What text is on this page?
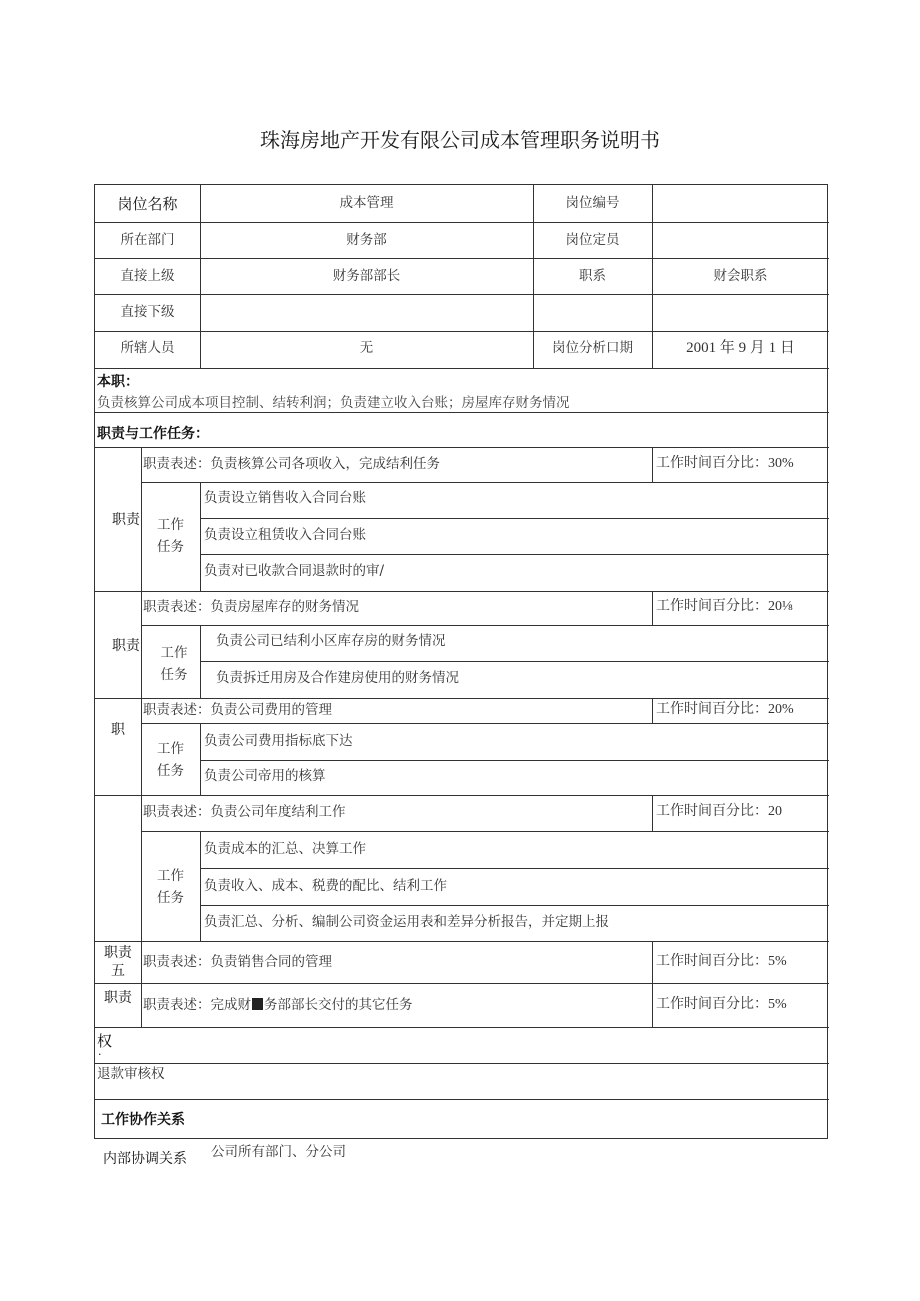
珠海房地产开发有限公司成本管理职务说明书
岗位名称	成本管理	岗位编号
所在部门	财务部	岗位定员
直接上级	财务部部长	职系	财会职系
直接下级
所辖人员	无	岗位分析口期	2001 年 9 月 1 日
本职：
负责核算公司成本项目控制、结转利润；负责建立收入台账；房屋库存财务情况
职责与工作任务：
职责
职责表述：负责核算公司各项收入，完成结利任务	工作时间百分比：30%
工作
任务
负责设立销售收入合同台账
负责设立租赁收入合同台账
负责对已收款合同退款时的审/
职责
职责表述：负责房屋库存的财务情况	工作时间百分比：20⅛
工作
任务
负责公司已结利小区库存房的财务情况
负责拆迁用房及合作建房使用的财务情况
职
职责表述：负责公司费用的管理	工作时间百分比：20%
工作
任务
负责公司费用指标底下达
负责公司帝用的核算
职责表述：负责公司年度结利工作	工作时间百分比：20
工作
任务
负责成本的汇总、决算工作
负责收入、成本、税费的配比、结利工作
负责汇总、分析、编制公司资金运用表和差异分析报告，并定期上报
职责
五
职责表述：负责销售合同的管理	工作时间百分比：5%
职责 职责表述：完成财 务部部长交付的其它任务	工作时间百分比：5%
权
·
退款审核权
工作协作关系
内部协调关系 公司所有部门、分公司
